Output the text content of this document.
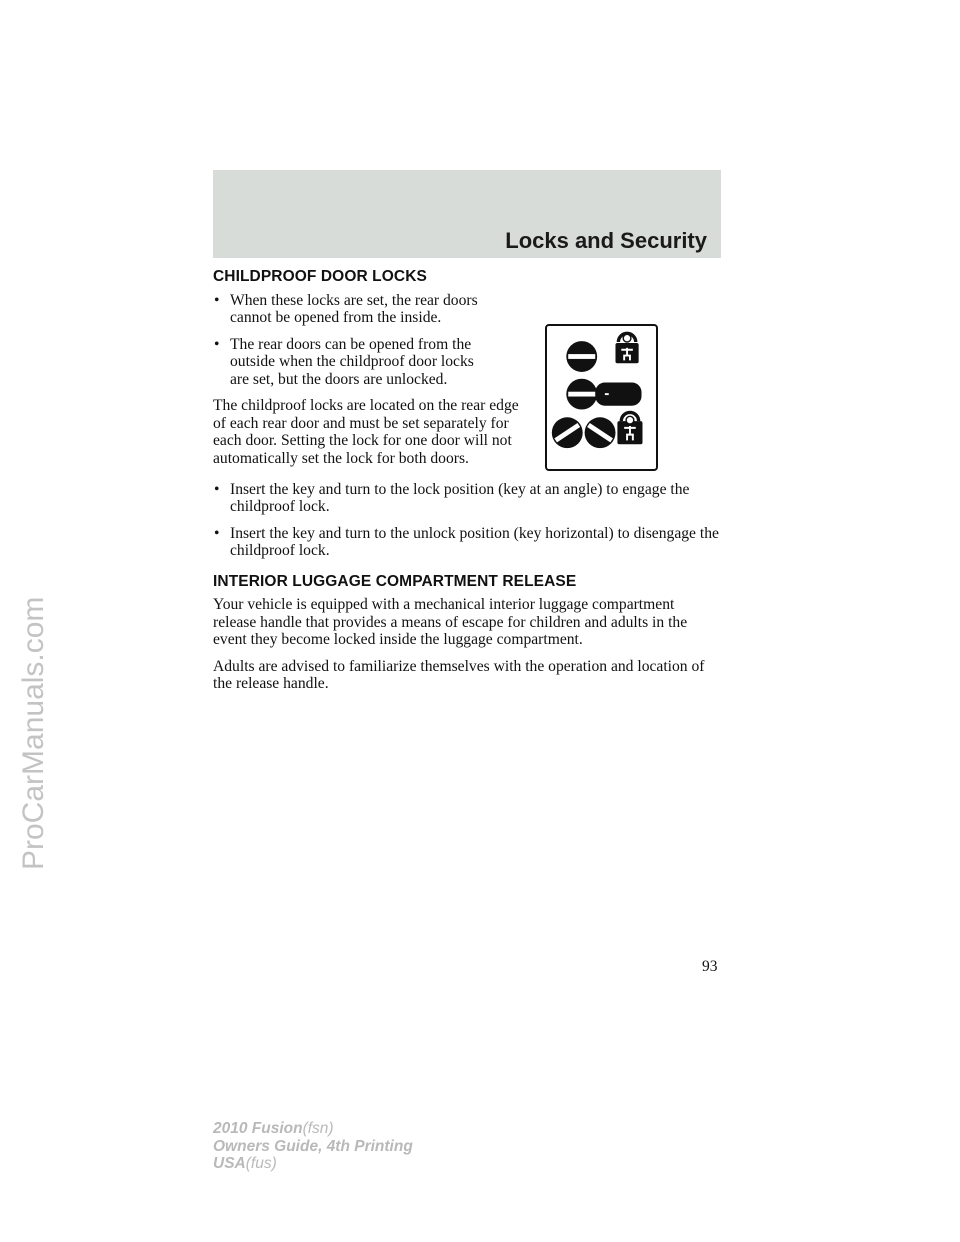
Locks and Security
CHILDPROOF DOOR LOCKS
• When these locks are set, the rear doors cannot be opened from the inside.
• The rear doors can be opened from the outside when the childproof door locks are set, but the doors are unlocked.

The childproof locks are located on the rear edge of each rear door and must be set separately for each door. Setting the lock for one door will not automatically set the lock for both doors.

• Insert the key and turn to the lock position (key at an angle) to engage the childproof lock.
• Insert the key and turn to the unlock position (key horizontal) to disengage the childproof lock.
INTERIOR LUGGAGE COMPARTMENT RELEASE

Your vehicle is equipped with a mechanical interior luggage compartment release handle that provides a means of escape for children and adults in the event they become locked inside the luggage compartment.

Adults are advised to familiarize themselves with the operation and location of the release handle.

93
2010 Fusion(fsn)
Owners Guide, 4th Printing
USA(fus)
ProCarManuals.com
